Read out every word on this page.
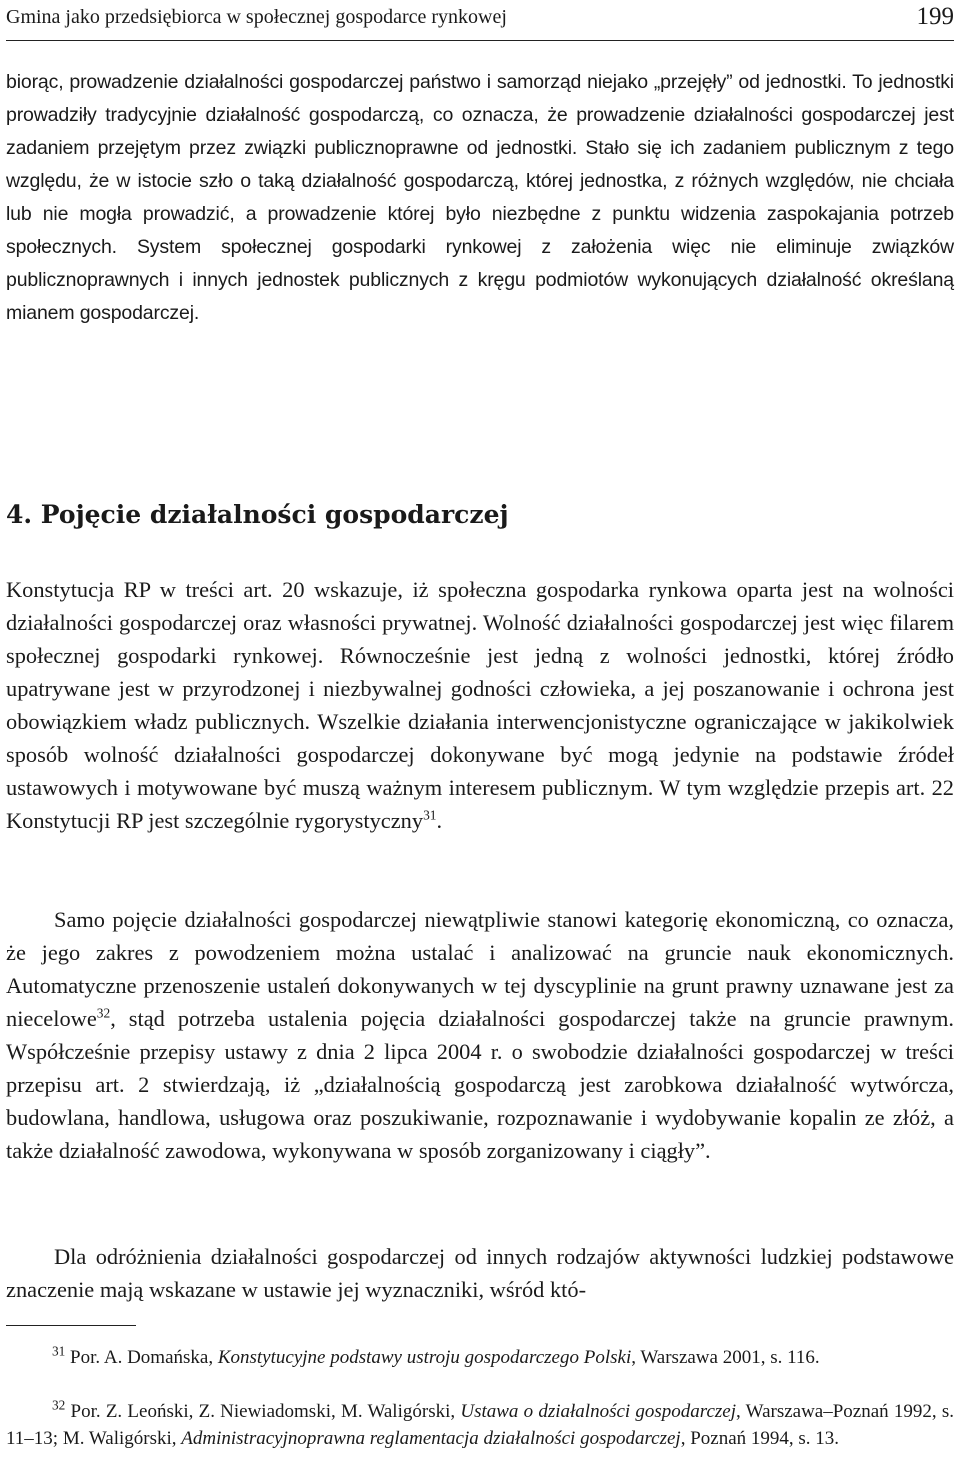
Gmina jako przedsiębiorca w społecznej gospodarce rynkowej	199

biorąc, prowadzenie działalności gospodarczej państwo i samorząd niejako „przejęły” od jednostki. To jednostki prowadziły tradycyjnie działalność gospodarczą, co oznacza, że prowadzenie działalności gospodarczej jest zadaniem przejętym przez związki publicznoprawne od jednostki. Stało się ich zadaniem publicznym z tego względu, że w istocie szło o taką działalność gospodarczą, której jednostka, z różnych względów, nie chciała lub nie mogła prowadzić, a prowadzenie której było niezbędne z punktu widzenia zaspokajania potrzeb społecznych. System społecznej gospodarki rynkowej z założenia więc nie eliminuje związków publicznoprawnych i innych jednostek publicznych z kręgu podmiotów wykonujących działalność określaną mianem gospodarczej.

4. Pojęcie działalności gospodarczej

Konstytucja RP w treści art. 20 wskazuje, iż społeczna gospodarka rynkowa oparta jest na wolności działalności gospodarczej oraz własności prywatnej. Wolność działalności gospodarczej jest więc filarem społecznej gospodarki rynkowej. Równocześnie jest jedną z wolności jednostki, której źródło upatrywane jest w przyrodzonej i niezbywalnej godności człowieka, a jej poszanowanie i ochrona jest obowiązkiem władz publicznych. Wszelkie działania interwencjonistyczne ograniczające w jakikolwiek sposób wolność działalności gospodarczej dokonywane być mogą jedynie na podstawie źródeł ustawowych i motywowane być muszą ważnym interesem publicznym. W tym względzie przepis art. 22 Konstytucji RP jest szczególnie rygorystyczny$^{31}$.

Samo pojęcie działalności gospodarczej niewątpliwie stanowi kategorię ekonomiczną, co oznacza, że jego zakres z powodzeniem można ustalać i analizować na gruncie nauk ekonomicznych. Automatyczne przenoszenie ustaleń dokonywanych w tej dyscyplinie na grunt prawny uznawane jest za niecelowe$^{32}$, stąd potrzeba ustalenia pojęcia działalności gospodarczej także na gruncie prawnym. Współcześnie przepisy ustawy z dnia 2 lipca 2004 r. o swobodzie działalności gospodarczej w treści przepisu art. 2 stwierdzają, iż „działalnością gospodarczą jest zarobkowa działalność wytwórcza, budowlana, handlowa, usługowa oraz poszukiwanie, rozpoznawanie i wydobywanie kopalin ze złóż, a także działalność zawodowa, wykonywana w sposób zorganizowany i ciągły”.

Dla odróżnienia działalności gospodarczej od innych rodzajów aktywności ludzkiej podstawowe znaczenie mają wskazane w ustawie jej wyznaczniki, wśród któ-

$^{31}$ Por. A. Domańska, Konstytucyjne podstawy ustroju gospodarczego Polski, Warszawa 2001, s. 116.

$^{32}$ Por. Z. Leoński, Z. Niewiadomski, M. Waligórski, Ustawa o działalności gospodarczej, Warszawa–Poznań 1992, s. 11–13; M. Waligórski, Administracyjnoprawna reglamentacja działalności gospodarczej, Poznań 1994, s. 13.
